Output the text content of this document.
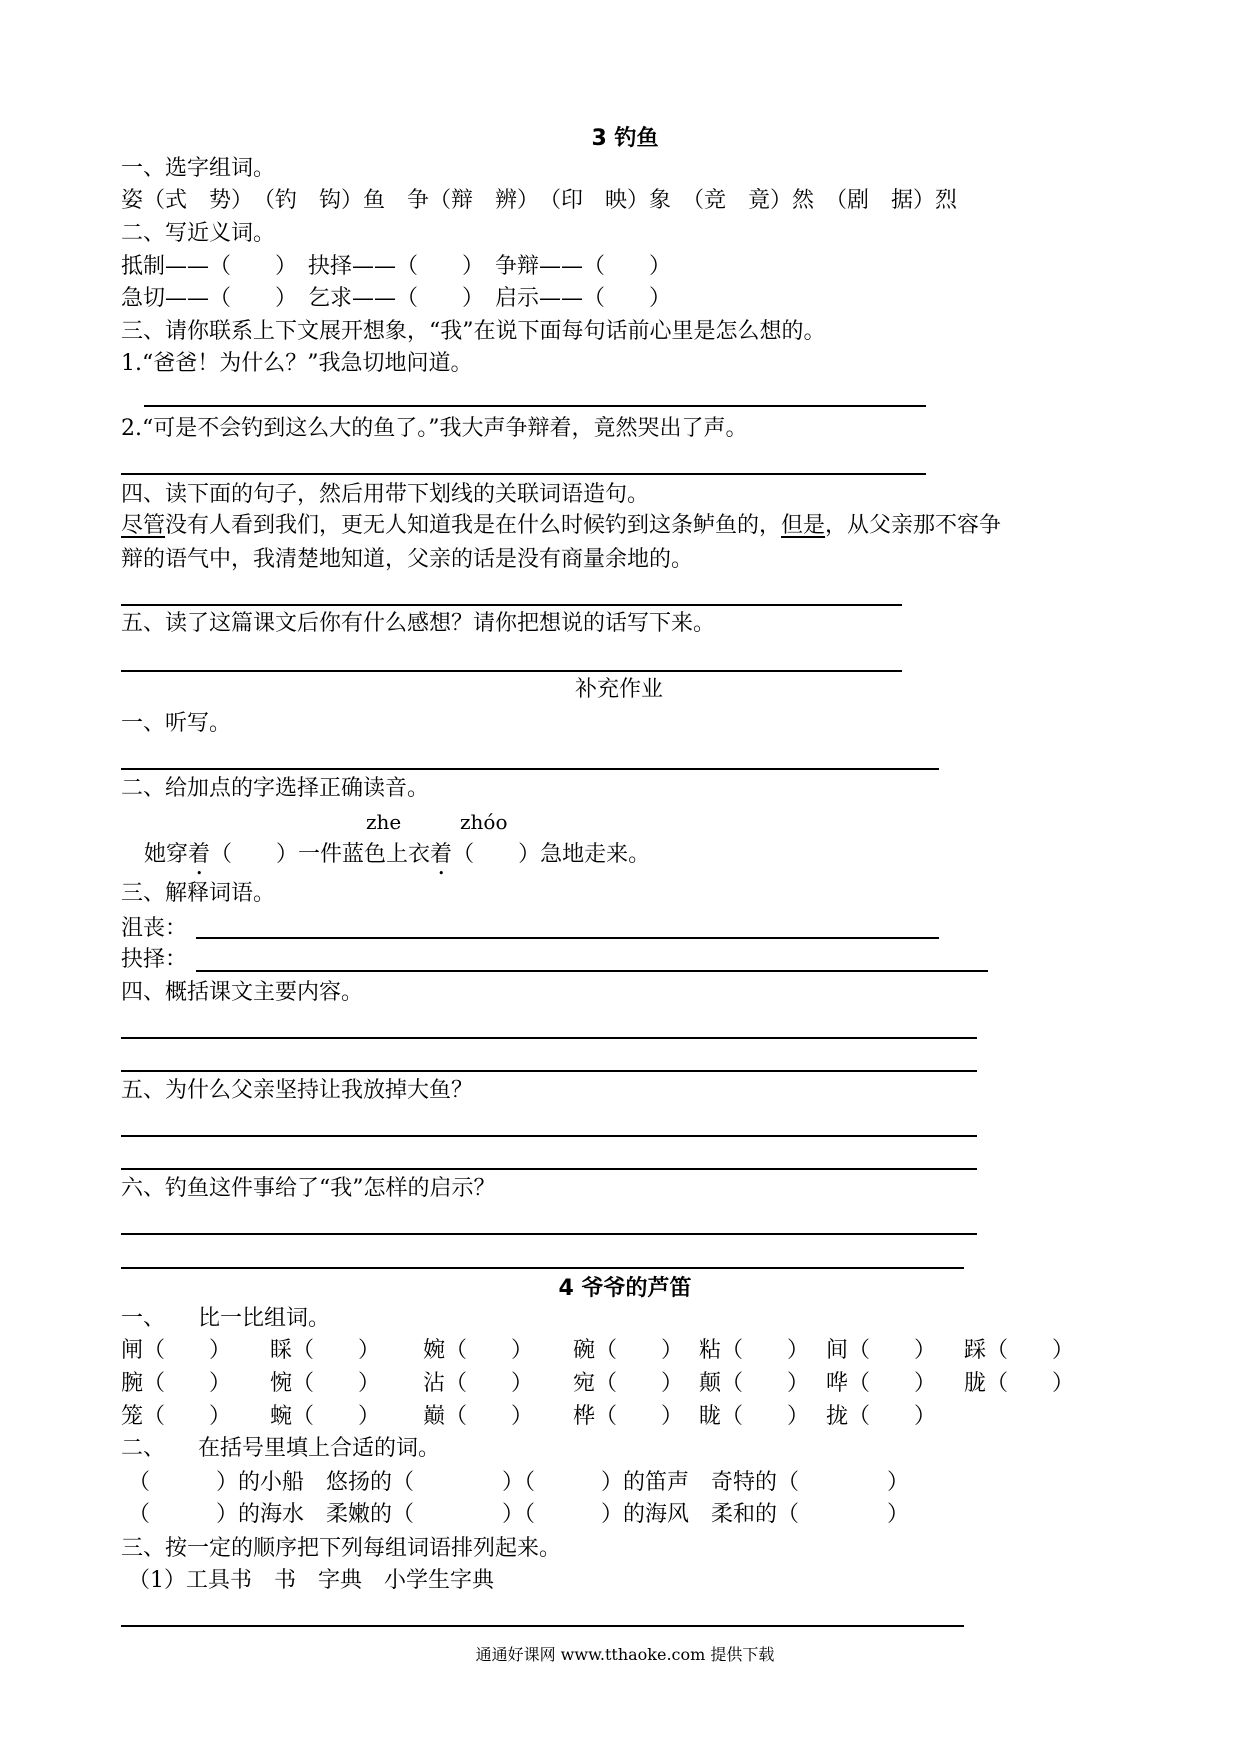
3 钓鱼
一、选字组词。
姿（式　势）　（钓　钩）鱼　争（辩　辨）　（印　映）象　（竞　竟）然　（剧　据）烈
二、写近义词。
抵制——（　　）　抉择——（　　）　争辩——（　　）
急切——（　　）　乞求——（　　）　启示——（　　）
三、请你联系上下文展开想象，“我”在说下面每句话前心里是怎么想的。
1.“爸爸！为什么？”我急切地问道。
2.“可是不会钓到这么大的鱼了。”我大声争辩着，竟然哭出了声。
四、读下面的句子，然后用带下划线的关联词语造句。
尽管没有人看到我们，更无人知道我是在什么时候钓到这条鲈鱼的，但是，从父亲那不容争
辩的语气中，我清楚地知道，父亲的话是没有商量余地的。
五、读了这篇课文后你有什么感想？请你把想说的话写下来。
补充作业
一、听写。
二、给加点的字选择正确读音。
zhe	zhóo
她穿着（　　）一件蓝色上衣着（　　）急地走来。
三、解释词语。
沮丧：
抉择：
四、概括课文主要内容。
五、为什么父亲坚持让我放掉大鱼？
六、钓鱼这件事给了“我”怎样的启示？
4 爷爷的芦笛
一、　　比一比组词。
闸（　　） 睬（　　） 婉（　　） 碗（　　） 粘（　　） 间（　　） 踩（　　）
腕（　　） 惋（　　） 沾（　　） 宛（　　） 颠（　　） 哗（　　） 胧（　　）
笼（　　） 蜿（　　） 巅（　　） 桦（　　） 眬（　　） 拢（　　）
二、　　在括号里填上合适的词。
（　　　）的小船　悠扬的（　　　　）（　　　）的笛声　奇特的（　　　　）
（　　　）的海水　柔嫩的（　　　　）（　　　）的海风　柔和的（　　　　）
三、按一定的顺序把下列每组词语排列起来。
（1）工具书　书　字典　小学生字典
通通好课网 www.tthaoke.com 提供下载
